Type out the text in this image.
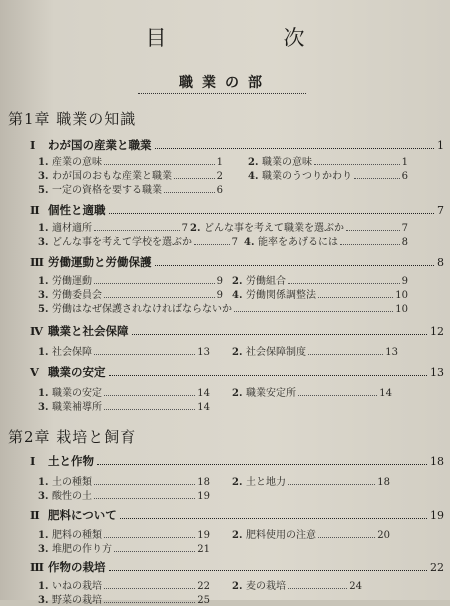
目　次
職業の部
第1章 職業の知識
Ⅰ	わが国の産業と職業	1
1. 産業の意味	1	2. 職業の意味	1
3. わが国のおもな産業と職業	2	4. 職業のうつりかわり	6
5. 一定の資格を要する職業	6
Ⅱ 個性と適職	7
1. 適材適所	7 2. どんな事を考えて職業を選ぶか	7
3. どんな事を考えて学校を選ぶか	7 4. 能率をあげるには	8
Ⅲ 労働運動と労働保護	8
1. 労働運動	9 2. 労働組合	9
3. 労働委員会	9 4. 労働関係調整法	10
5. 労働はなぜ保護されなければならないか	10
Ⅳ 職業と社会保障	12
1. 社会保障	13 2. 社会保障制度	13
Ⅴ 職業の安定	13
1. 職業の安定	14 2. 職業安定所	14
3. 職業補導所	14
第2章 栽培と飼育
Ⅰ	土と作物	18
1. 土の種類	18 2. 土と地力	18
3. 酸性の土	19
Ⅱ 肥料について	19
1. 肥料の種類	19 2. 肥料使用の注意	20
3. 堆肥の作り方	21
Ⅲ 作物の栽培	22
1. いねの栽培	22 2. 麦の栽培	24
3. 野菜の栽培	25
